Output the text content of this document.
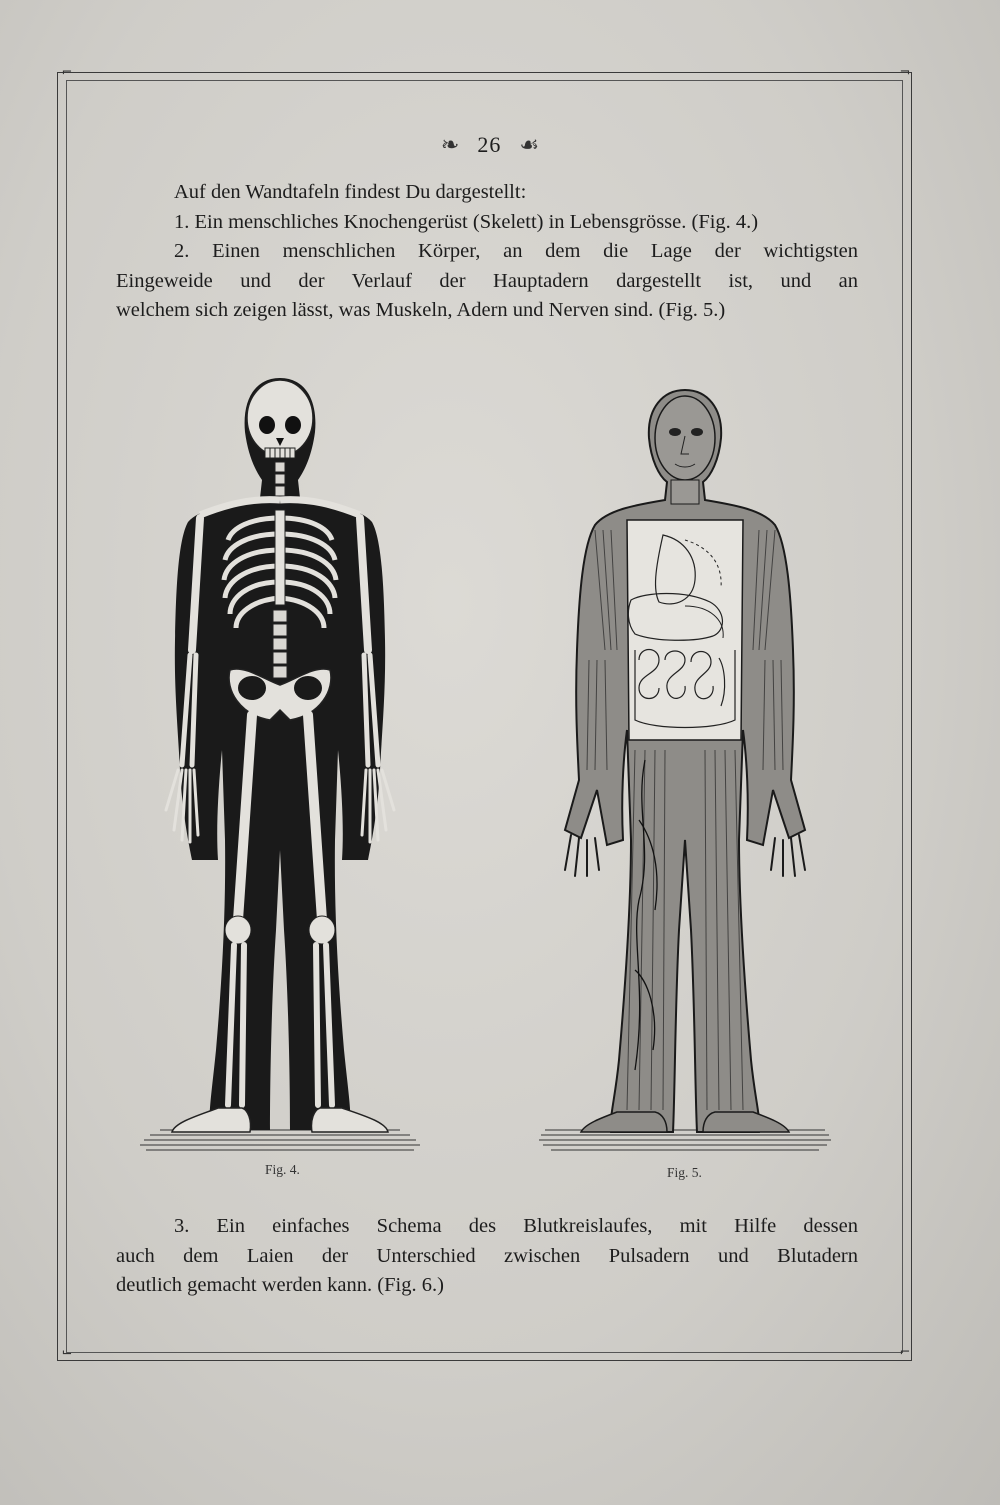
⌐	¬
⌙	⌐
❧ 26 ☙
Auf den Wandtafeln findest Du dargestellt:
1. Ein menschliches Knochengerüst (Skelett) in Lebensgrösse. (Fig. 4.)
2. Einen menschlichen Körper, an dem die Lage der wichtigsten
Eingeweide und der Verlauf der Hauptadern dargestellt ist, und an
welchem sich zeigen lässt, was Muskeln, Adern und Nerven sind. (Fig. 5.)
Fig. 4.	Fig. 5.
3. Ein einfaches Schema des Blutkreislaufes, mit Hilfe dessen
auch dem Laien der Unterschied zwischen Pulsadern und Blutadern
deutlich gemacht werden kann. (Fig. 6.)
